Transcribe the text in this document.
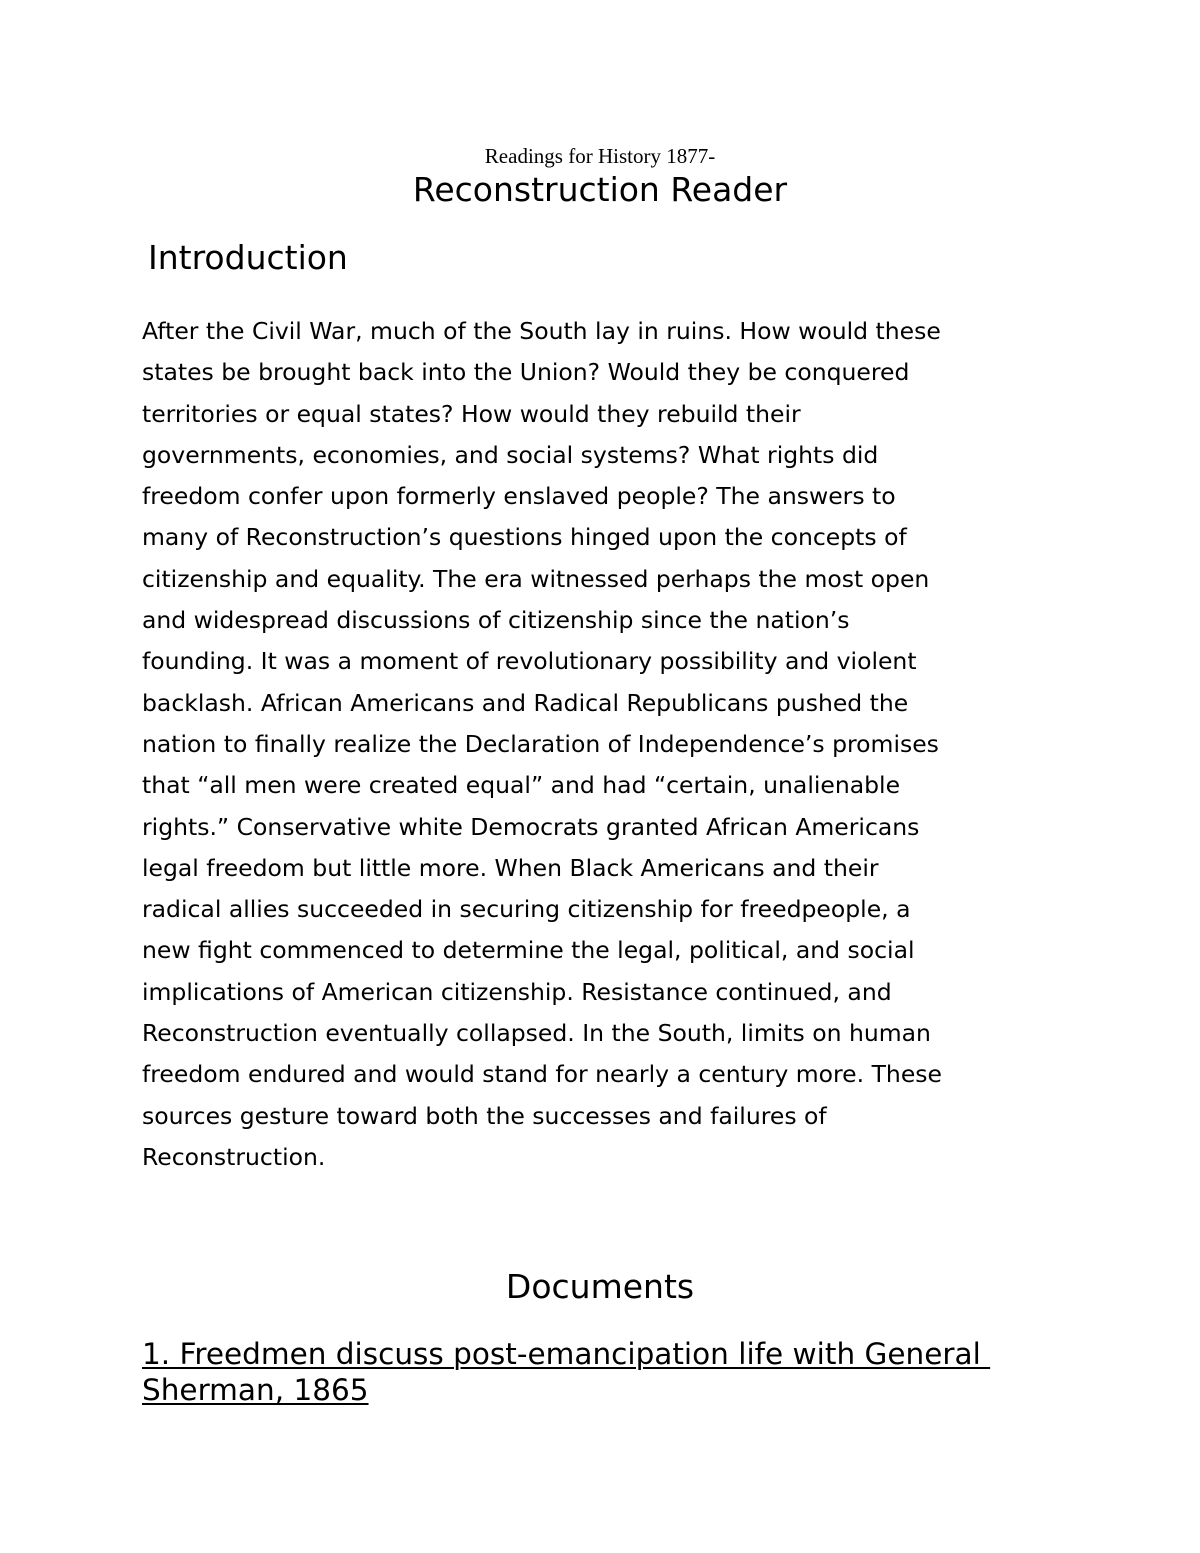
Readings for History 1877-

Reconstruction Reader
Introduction
After the Civil War, much of the South lay in ruins. How would these
states be brought back into the Union? Would they be conquered
territories or equal states? How would they rebuild their
governments, economies, and social systems? What rights did
freedom confer upon formerly enslaved people? The answers to
many of Reconstruction’s questions hinged upon the concepts of
citizenship and equality. The era witnessed perhaps the most open
and widespread discussions of citizenship since the nation’s
founding. It was a moment of revolutionary possibility and violent
backlash. African Americans and Radical Republicans pushed the
nation to finally realize the Declaration of Independence’s promises
that “all men were created equal” and had “certain, unalienable
rights.” Conservative white Democrats granted African Americans
legal freedom but little more. When Black Americans and their
radical allies succeeded in securing citizenship for freedpeople, a
new fight commenced to determine the legal, political, and social
implications of American citizenship. Resistance continued, and
Reconstruction eventually collapsed. In the South, limits on human
freedom endured and would stand for nearly a century more. These
sources gesture toward both the successes and failures of
Reconstruction.
Documents
1. Freedmen discuss post-emancipation life with General
Sherman, 1865
